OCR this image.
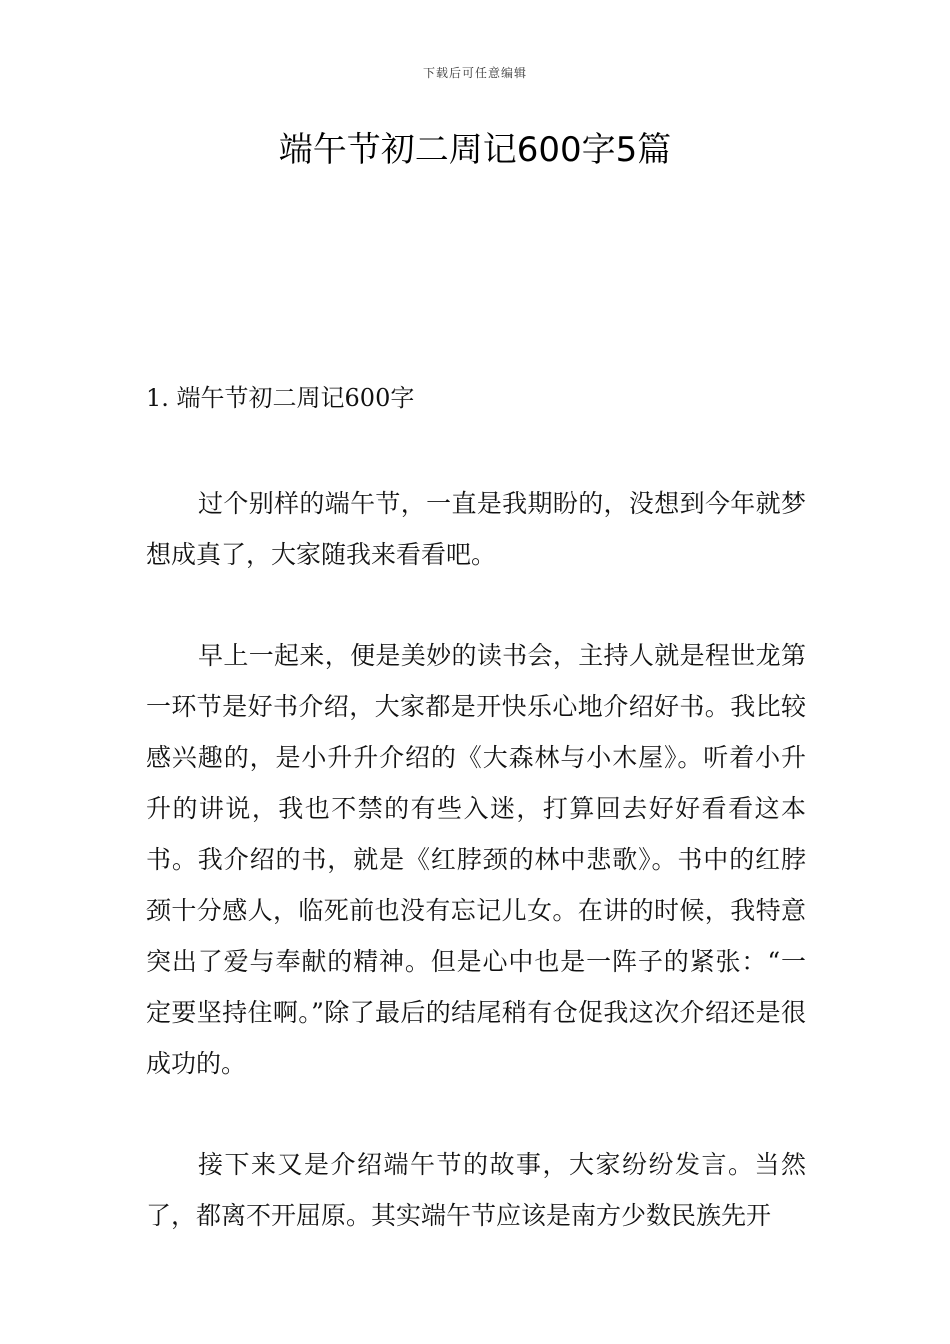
下载后可任意编辑
端午节初二周记600字5篇
1. 端午节初二周记600字

过个别样的端午节，一直是我期盼的，没想到今年就梦想成真了，大家随我来看看吧。

早上一起来，便是美妙的读书会，主持人就是程世龙第一环节是好书介绍，大家都是开快乐心地介绍好书。我比较感兴趣的，是小升升介绍的《大森林与小木屋》。听着小升升的讲说，我也不禁的有些入迷，打算回去好好看看这本书。我介绍的书，就是《红脖颈的林中悲歌》。书中的红脖颈十分感人，临死前也没有忘记儿女。在讲的时候，我特意突出了爱与奉献的精神。但是心中也是一阵子的紧张：“一定要坚持住啊。”除了最后的结尾稍有仓促我这次介绍还是很成功的。

接下来又是介绍端午节的故事，大家纷纷发言。当然了，都离不开屈原。其实端午节应该是南方少数民族先开
